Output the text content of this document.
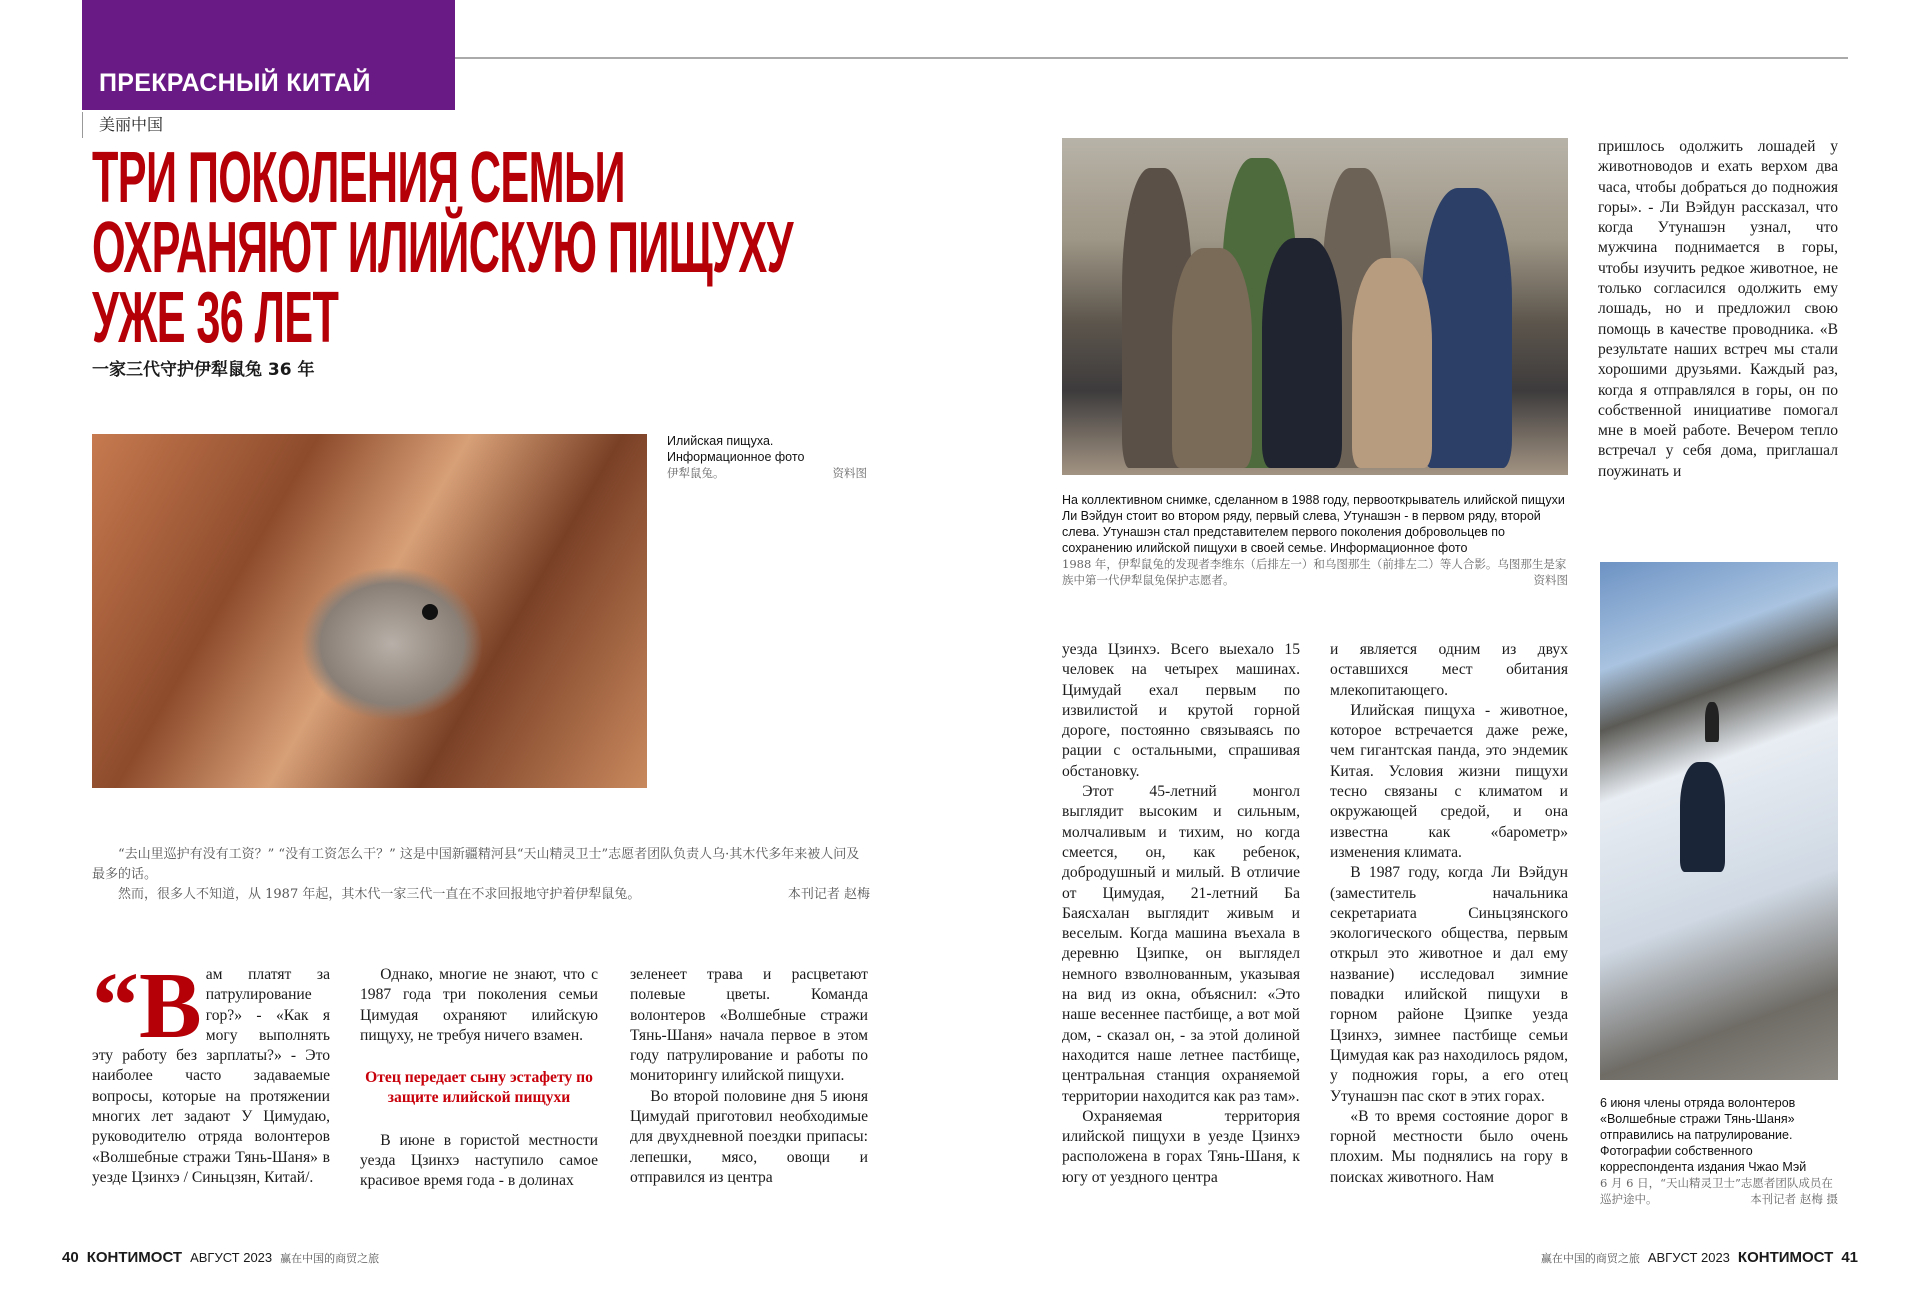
ПРЕКРАСНЫЙ КИТАЙ
美丽中国
ТРИ ПОКОЛЕНИЯ СЕМЬИ
ОХРАНЯЮТ ИЛИЙСКУЮ ПИЩУХУ
УЖЕ 36 ЛЕТ
一家三代守护伊犁鼠兔 36 年
Илийская пищуха. Информационное фото
伊犁鼠兔。	资料图

“去山里巡护有没有工资？” “没有工资怎么干？” 这是中国新疆精河县“天山精灵卫士”志愿者团队负责人乌·其木代多年来被人问及最多的话。

然而，很多人不知道，从 1987 年起，其木代一家三代一直在不求回报地守护着伊犁鼠兔。	本刊记者 赵梅
“В ам платят за патрулирование гор?» - «Как я могу выполнять эту работу без зарплаты?» - Это наиболее часто задаваемые вопросы, которые на протяжении многих лет задают У Цимудаю, руководителю отряда волонтеров «Волшебные стражи Тянь-Шаня» в уезде Цзинхэ / Синьцзян, Китай/.

Однако, многие не знают, что с 1987 года три поколения семьи Цимудая охраняют илийскую пищуху, не требуя ничего взамен.

Отец передает сыну эстафету по защите илийской пищухи

В июне в гористой местности уезда Цзинхэ наступило самое красивое время года - в долинах

зеленеет трава и расцветают полевые цветы. Команда волонтеров «Волшебные стражи Тянь-Шаня» начала первое в этом году патрулирование и работы по мониторингу илийской пищухи.

Во второй половине дня 5 июня Цимудай приготовил необходимые для двухдневной поездки припасы: лепешки, мясо, овощи и отправился из центра

На коллективном снимке, сделанном в 1988 году, первооткрыватель илийской пищухи Ли Вэйдун стоит во втором ряду, первый слева, Утунашэн - в первом ряду, второй слева. Утунашэн стал представителем первого поколения добровольцев по сохранению илийской пищухи в своей семье. Информационное фото
1988 年，伊犁鼠兔的发现者李维东（后排左一）和乌图那生（前排左二）等人合影。乌图那生是家族中第一代伊犁鼠兔保护志愿者。	资料图

уезда Цзинхэ. Всего выехало 15 человек на четырех машинах. Цимудай ехал первым по извилистой и крутой горной дороге, постоянно связываясь по рации с остальными, спрашивая обстановку.

Этот 45-летний монгол выглядит высоким и сильным, молчаливым и тихим, но когда смеется, он, как ребенок, добродушный и милый. В отличие от Цимудая, 21-летний Ба Баясхалан выглядит живым и веселым. Когда машина въехала в деревню Цзипке, он выглядел немного взволнованным, указывая на вид из окна, объяснил: «Это наше весеннее пастбище, а вот мой дом, - сказал он, - за этой долиной находится наше летнее пастбище, центральная станция охраняемой территории находится как раз там».

Охраняемая территория илийской пищухи в уезде Цзинхэ расположена в горах Тянь-Шаня, к югу от уездного центра

и является одним из двух оставшихся мест обитания млекопитающего.

Илийская пищуха - животное, которое встречается даже реже, чем гигантская панда, это эндемик Китая. Условия жизни пищухи тесно связаны с климатом и окружающей средой, и она известна как «барометр» изменения климата.

В 1987 году, когда Ли Вэйдун (заместитель начальника секретариата Синьцзянского экологического общества, первым открыл это животное и дал ему название) исследовал зимние повадки илийской пищухи в горном районе Цзипке уезда Цзинхэ, зимнее пастбище семьи Цимудая как раз находилось рядом, у подножия горы, а его отец Утунашэн пас скот в этих горах.

«В то время состояние дорог в горной местности было очень плохим. Мы поднялись на гору в поисках животного. Нам

пришлось одолжить лошадей у животноводов и ехать верхом два часа, чтобы добраться до подножия горы». - Ли Вэйдун рассказал, что когда Утунашэн узнал, что мужчина поднимается в горы, чтобы изучить редкое животное, не только согласился одолжить ему лошадь, но и предложил свою помощь в качестве проводника. «В результате наших встреч мы стали хорошими друзьями. Каждый раз, когда я отправлялся в горы, он по собственной инициативе помогал мне в моей работе. Вечером тепло встречал у себя дома, приглашал поужинать и

6 июня члены отряда волонтеров «Волшебные стражи Тянь-Шаня» отправились на патрулирование. Фотографии собственного корреспондента издания Чжао Мэй
6 月 6 日，“天山精灵卫士”志愿者团队成员在巡护途中。	本刊记者 赵梅 摄
40 КОНТИМОСТ АВГУСТ 2023 赢在中国的商贸之旅	赢在中国的商贸之旅 АВГУСТ 2023 КОНТИМОСТ 41
